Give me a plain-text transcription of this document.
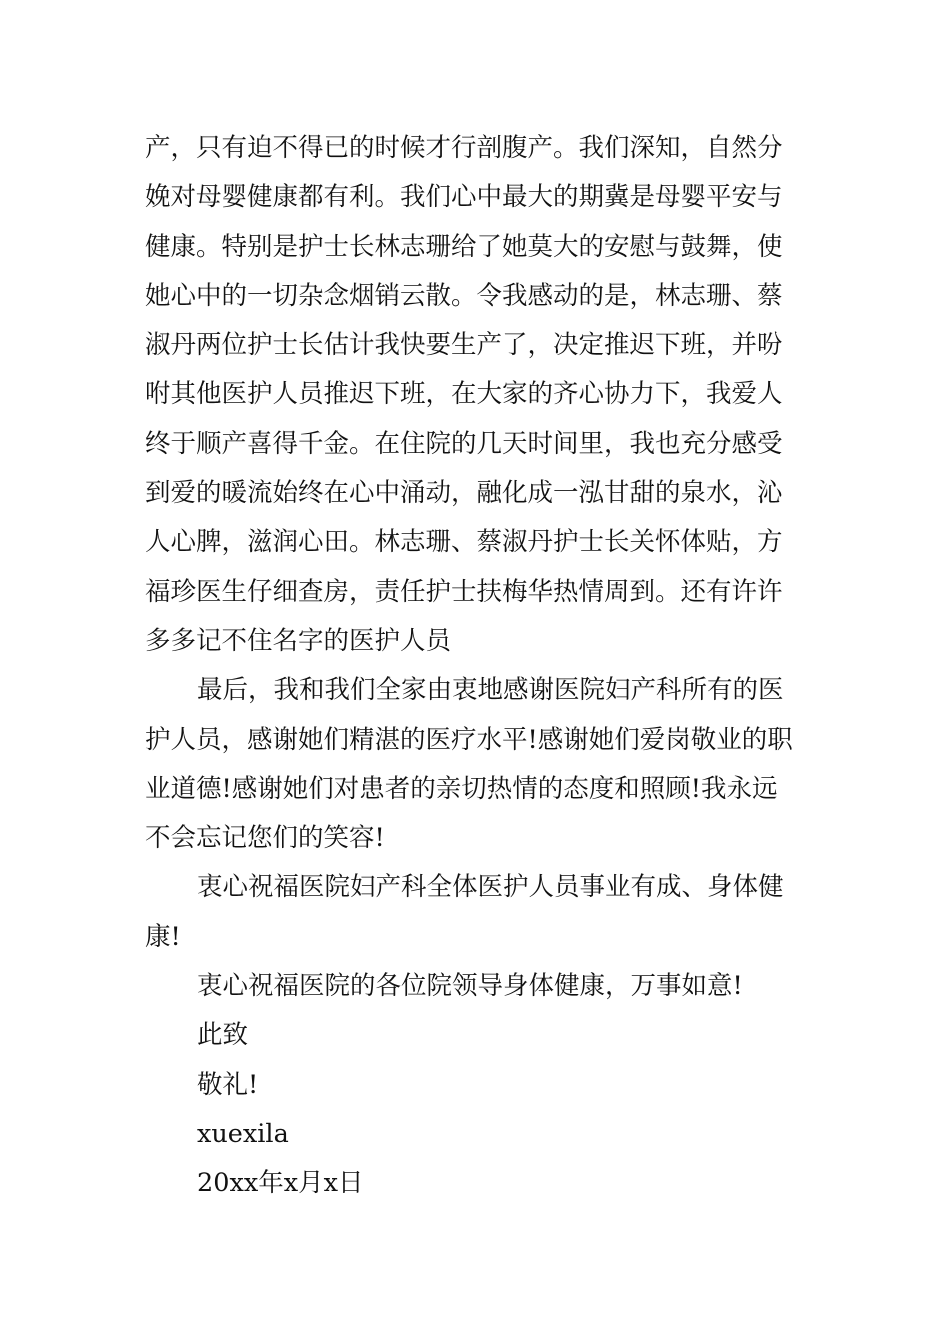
产，只有迫不得已的时候才行剖腹产。我们深知，自然分
娩对母婴健康都有利。我们心中最大的期冀是母婴平安与
健康。特别是护士长林志珊给了她莫大的安慰与鼓舞，使
她心中的一切杂念烟销云散。令我感动的是，林志珊、蔡
淑丹两位护士长估计我快要生产了，决定推迟下班，并吩
咐其他医护人员推迟下班，在大家的齐心协力下，我爱人
终于顺产喜得千金。在住院的几天时间里，我也充分感受
到爱的暖流始终在心中涌动，融化成一泓甘甜的泉水，沁
人心脾，滋润心田。林志珊、蔡淑丹护士长关怀体贴，方
福珍医生仔细查房，责任护士扶梅华热情周到。还有许许
多多记不住名字的医护人员
最后，我和我们全家由衷地感谢医院妇产科所有的医
护人员，感谢她们精湛的医疗水平!感谢她们爱岗敬业的职
业道德!感谢她们对患者的亲切热情的态度和照顾!我永远
不会忘记您们的笑容!
衷心祝福医院妇产科全体医护人员事业有成、身体健
康!
衷心祝福医院的各位院领导身体健康，万事如意!
此致
敬礼!
xuexila
20xx年x月x日
